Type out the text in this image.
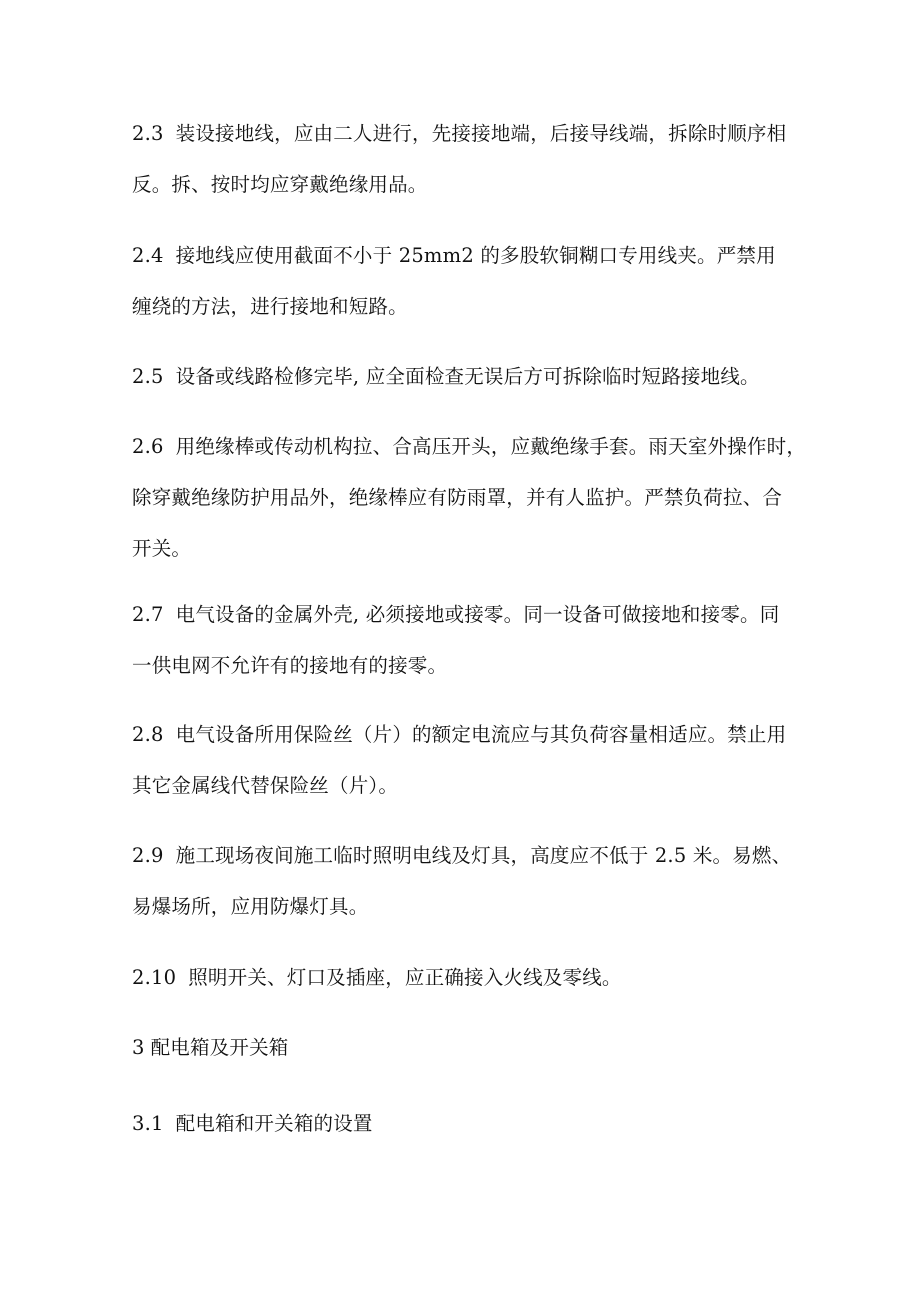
2.3 装设接地线，应由二人进行，先接接地端，后接导线端，拆除时顺序相
反。拆、按时均应穿戴绝缘用品。
2.4 接地线应使用截面不小于 25mm2 的多股软铜糊口专用线夹。严禁用
缠绕的方法，进行接地和短路。
2.5 设备或线路检修完毕, 应全面检查无误后方可拆除临时短路接地线。
2.6 用绝缘棒或传动机构拉、合高压开头，应戴绝缘手套。雨天室外操作时，
除穿戴绝缘防护用品外，绝缘棒应有防雨罩，并有人监护。严禁负荷拉、合
开关。
2.7 电气设备的金属外壳, 必须接地或接零。同一设备可做接地和接零。同
一供电网不允许有的接地有的接零。
2.8 电气设备所用保险丝（片）的额定电流应与其负荷容量相适应。禁止用
其它金属线代替保险丝（片）。
2.9 施工现场夜间施工临时照明电线及灯具，高度应不低于 2.5 米。易燃、
易爆场所，应用防爆灯具。
2.10 照明开关、灯口及插座，应正确接入火线及零线。
3 配电箱及开关箱
3.1 配电箱和开关箱的设置
